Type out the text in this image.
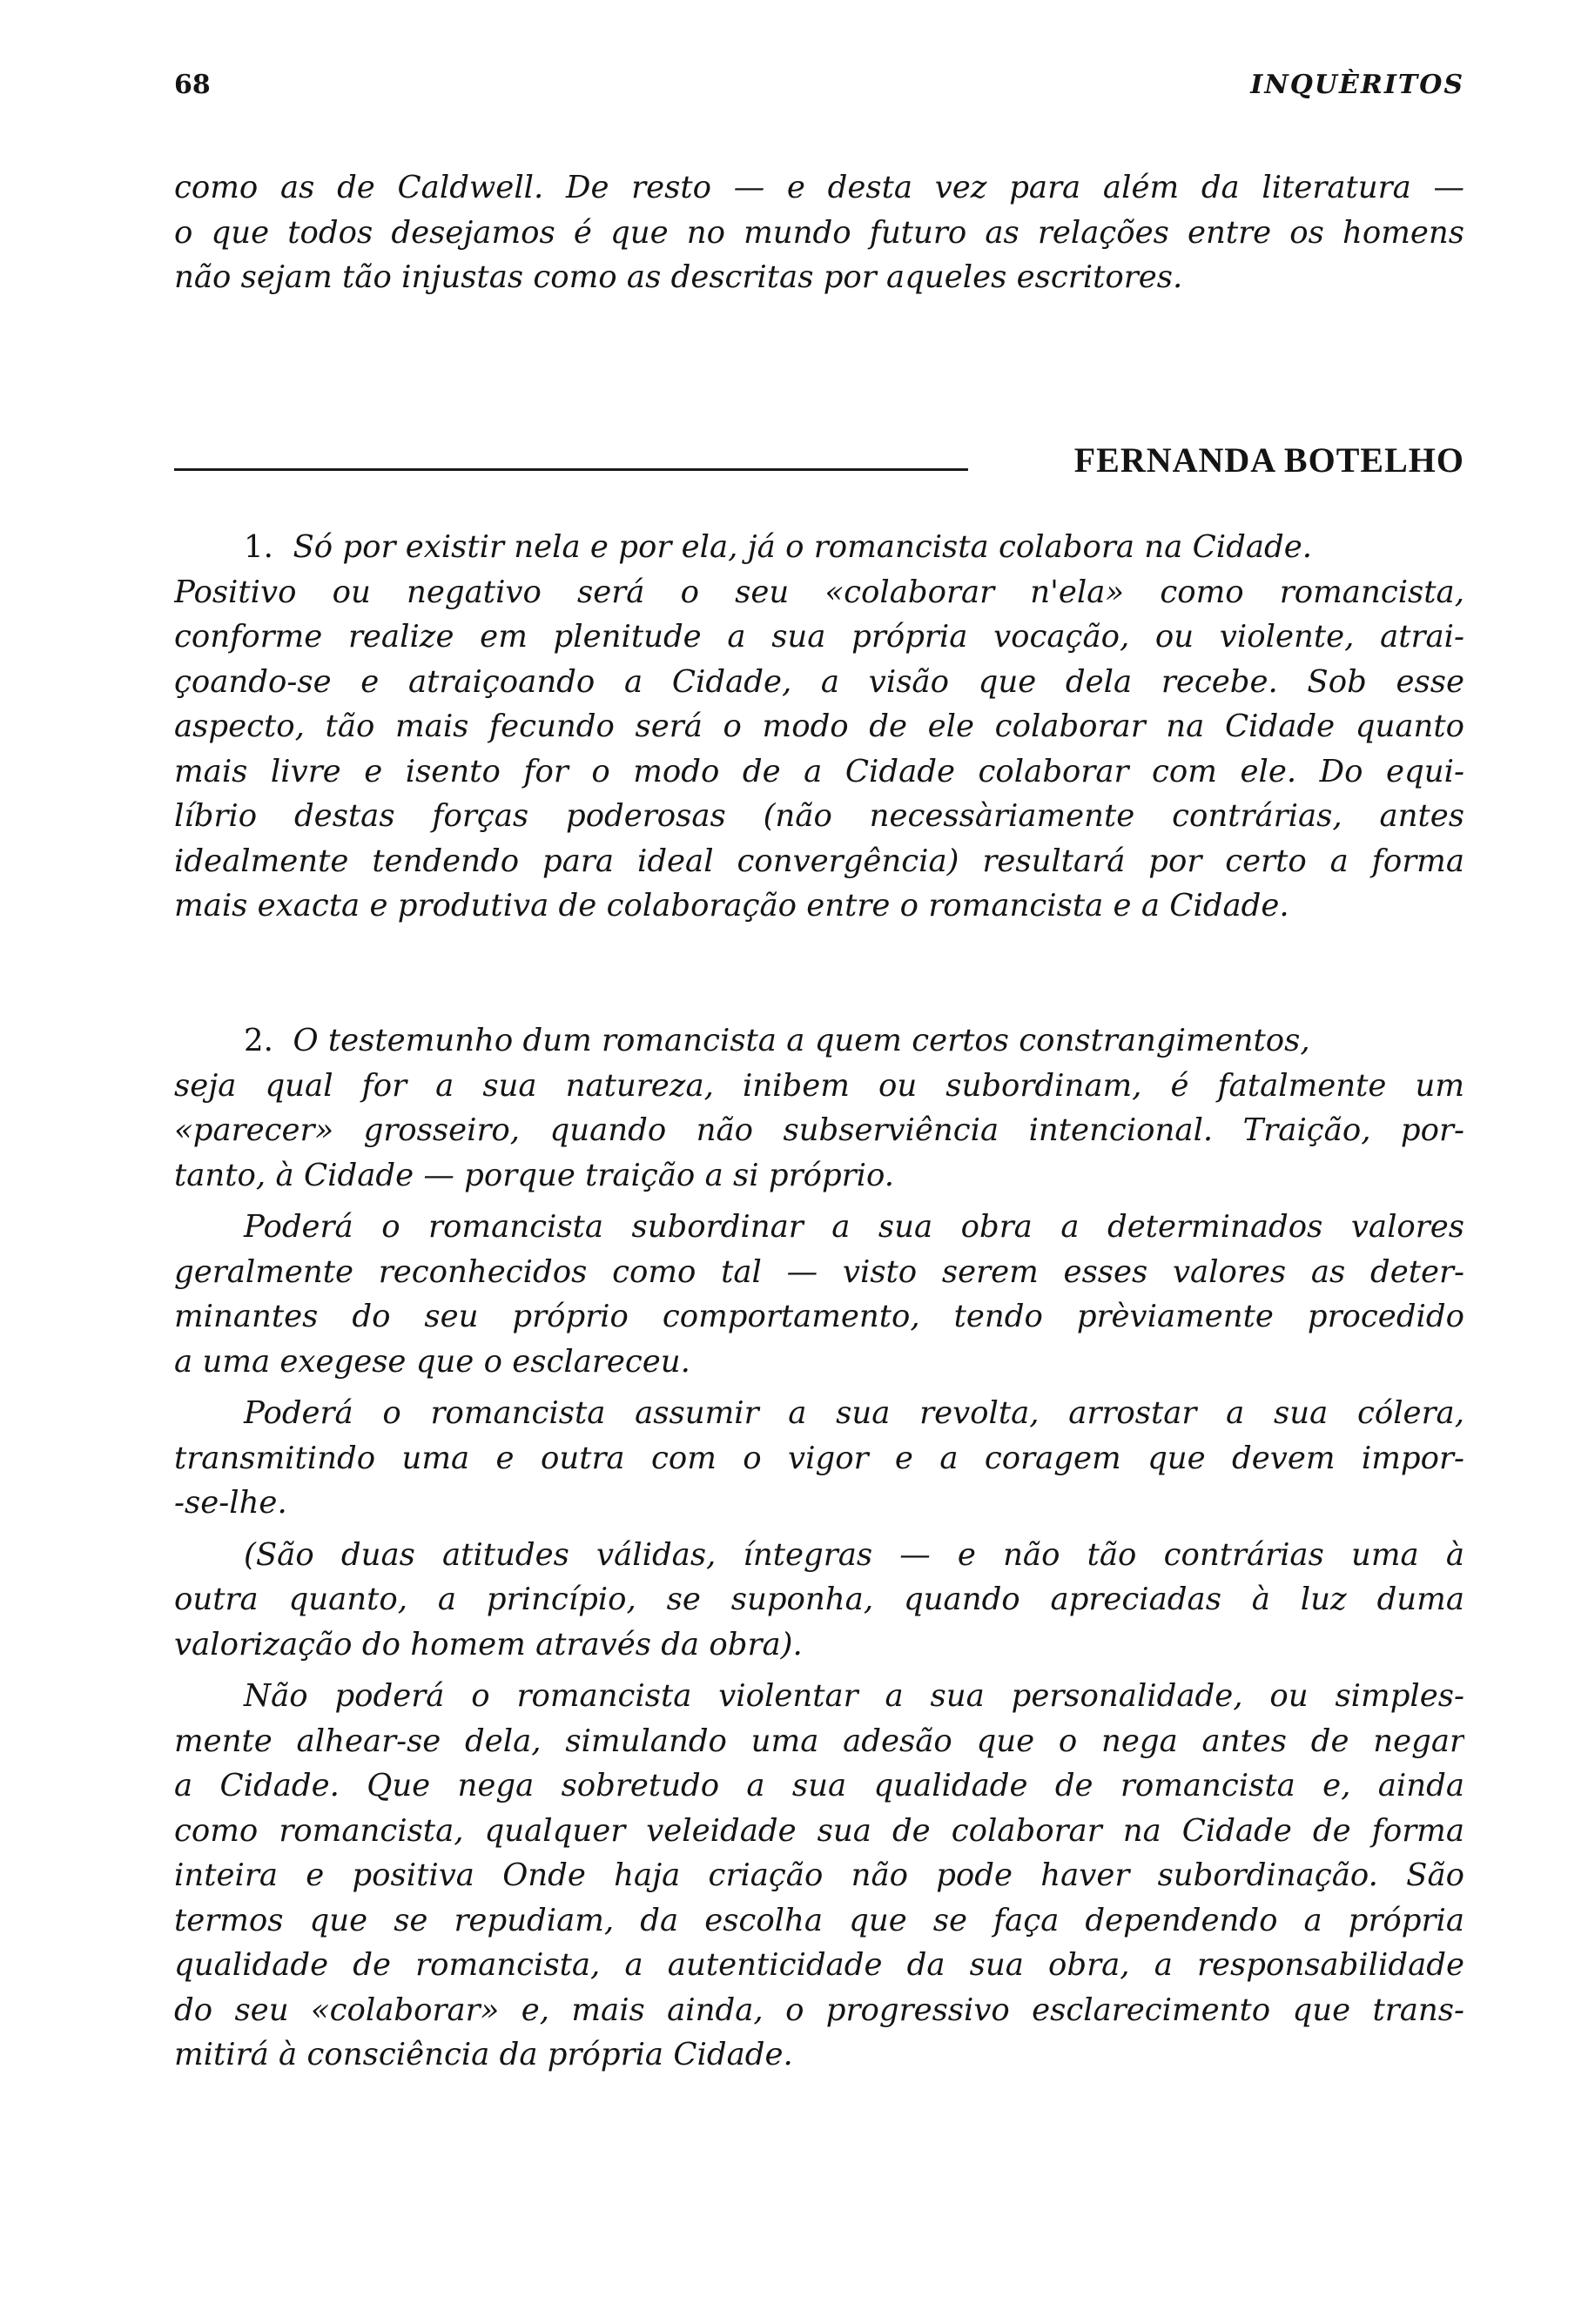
68	INQUÈRITOS

como as de Caldwell. De resto — e desta vez para além da literatura —
o que todos desejamos é que no mundo futuro as relações entre os homens
não sejam tão injustas como as descritas por aqueles escritores.

FERNANDA BOTELHO

1. Só por existir nela e por ela, já o romancista colabora na Cidade.
Positivo ou negativo será o seu «colaborar n'ela» como romancista,
conforme realize em plenitude a sua própria vocação, ou violente, atrai-
çoando-se e atraiçoando a Cidade, a visão que dela recebe. Sob esse
aspecto, tão mais fecundo será o modo de ele colaborar na Cidade quanto
mais livre e isento for o modo de a Cidade colaborar com ele. Do equi-
líbrio destas forças poderosas (não necessàriamente contrárias, antes
idealmente tendendo para ideal convergência) resultará por certo a forma
mais exacta e produtiva de colaboração entre o romancista e a Cidade.

2. O testemunho dum romancista a quem certos constrangimentos,
seja qual for a sua natureza, inibem ou subordinam, é fatalmente um
«parecer» grosseiro, quando não subserviência intencional. Traição, por-
tanto, à Cidade — porque traição a si próprio.

Poderá o romancista subordinar a sua obra a determinados valores
geralmente reconhecidos como tal — visto serem esses valores as deter-
minantes do seu próprio comportamento, tendo prèviamente procedido
a uma exegese que o esclareceu.

Poderá o romancista assumir a sua revolta, arrostar a sua cólera,
transmitindo uma e outra com o vigor e a coragem que devem impor-
-se-lhe.

(São duas atitudes válidas, íntegras — e não tão contrárias uma à
outra quanto, a princípio, se suponha, quando apreciadas à luz duma
valorização do homem através da obra).

Não poderá o romancista violentar a sua personalidade, ou simples-
mente alhear-se dela, simulando uma adesão que o nega antes de negar
a Cidade. Que nega sobretudo a sua qualidade de romancista e, ainda
como romancista, qualquer veleidade sua de colaborar na Cidade de forma
inteira e positiva Onde haja criação não pode haver subordinação. São
termos que se repudiam, da escolha que se faça dependendo a própria
qualidade de romancista, a autenticidade da sua obra, a responsabilidade
do seu «colaborar» e, mais ainda, o progressivo esclarecimento que trans-
mitirá à consciência da própria Cidade.
